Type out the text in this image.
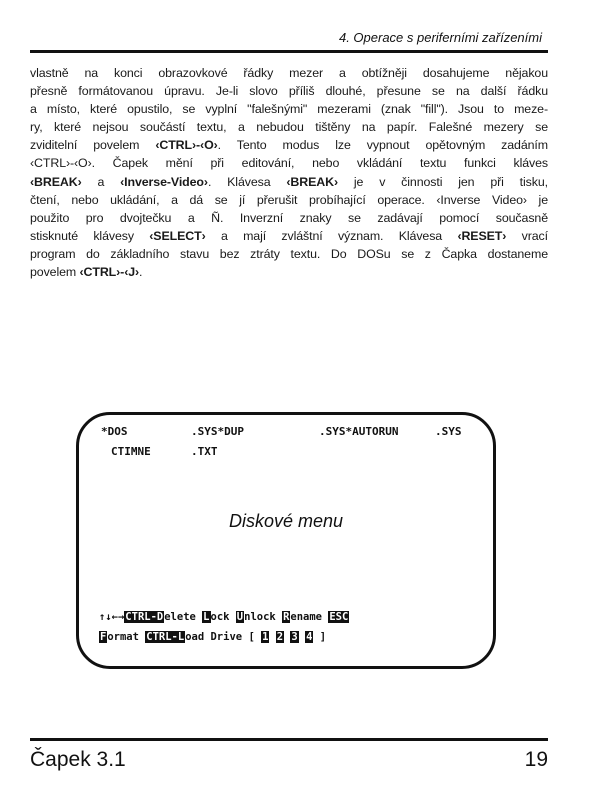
4. Operace s periferními zařízeními
vlastně na konci obrazovkové řádky mezer a obtížněji dosahujeme nějakou
přesně formátovanou úpravu. Je-li slovo příliš dlouhé, přesune se na další řádku
a místo, které opustilo, se vyplní "falešnými" mezerami (znak "fill"). Jsou to meze-
ry, které nejsou součástí textu, a nebudou tištěny na papír. Falešné mezery se
zviditelní povelem ‹CTRL›-‹O›. Tento modus lze vypnout opětovným zadáním
‹CTRL›-‹O›. Čapek mění při editování, nebo vkládání textu funkci kláves
‹BREAK› a ‹Inverse-Video›. Klávesa ‹BREAK› je v činnosti jen při tisku,
čtení, nebo ukládání, a dá se jí přerušit probíhající operace. ‹Inverse Video› je
použito pro dvojtečku a Ñ. Inverzní znaky se zadávají pomocí současně
stisknuté klávesy ‹SELECT› a mají zvláštní význam. Klávesa ‹RESET› vrací
program do základního stavu bez ztráty textu. Do DOSu se z Čapka dostaneme
povelem ‹CTRL›-‹J›.
*DOS	.SYS*DUP	.SYS*AUTORUN	.SYS
CTIMNE	.TXT
Diskové menu
↑↓←→CTRL-Delete Lock Unlock Rename ESC
Format CTRL-Load Drive [ 1 2 3 4 ]
Čapek 3.1	19
